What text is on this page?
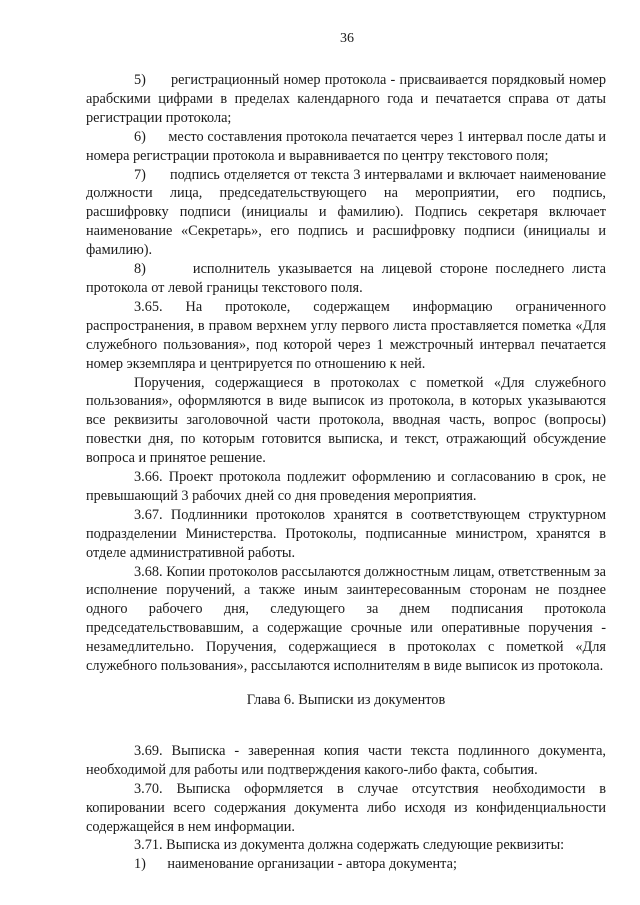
36

5)      регистрационный номер протокола - присваивается порядковый номер арабскими цифрами в пределах календарного года и печатается справа от даты регистрации протокола;

6)      место составления протокола печатается через 1 интервал после даты и номера регистрации протокола и выравнивается по центру текстового поля;

7)      подпись отделяется от текста 3 интервалами и включает наименование должности лица, председательствующего на мероприятии, его подпись, расшифровку подписи (инициалы и фамилию). Подпись секретаря включает наименование «Секретарь», его подпись и расшифровку подписи (инициалы и фамилию).

8)      исполнитель указывается на лицевой стороне последнего листа протокола от левой границы текстового поля.

3.65. На протоколе, содержащем информацию ограниченного распространения, в правом верхнем углу первого листа проставляется пометка «Для служебного пользования», под которой через 1 межстрочный интервал печатается номер экземпляра и центрируется по отношению к ней.

Поручения, содержащиеся в протоколах с пометкой «Для служебного пользования», оформляются в виде выписок из протокола, в которых указываются все реквизиты заголовочной части протокола, вводная часть, вопрос (вопросы) повестки дня, по которым готовится выписка, и текст, отражающий обсуждение вопроса и принятое решение.

3.66. Проект протокола подлежит оформлению и согласованию в срок, не превышающий 3 рабочих дней со дня проведения мероприятия.

3.67. Подлинники протоколов хранятся в соответствующем структурном подразделении Министерства. Протоколы, подписанные министром, хранятся в отделе административной работы.

3.68. Копии протоколов рассылаются должностным лицам, ответственным за исполнение поручений, а также иным заинтересованным сторонам не позднее одного рабочего дня, следующего за днем подписания протокола председательствовавшим, а содержащие срочные или оперативные поручения - незамедлительно. Поручения, содержащиеся в протоколах с пометкой «Для служебного пользования», рассылаются исполнителям в виде выписок из протокола.

Глава 6. Выписки из документов

3.69. Выписка - заверенная копия части текста подлинного документа, необходимой для работы или подтверждения какого-либо факта, события.

3.70. Выписка оформляется в случае отсутствия необходимости в копировании всего содержания документа либо исходя из конфиденциальности содержащейся в нем информации.

3.71. Выписка из документа должна содержать следующие реквизиты:

1)      наименование организации - автора документа;
